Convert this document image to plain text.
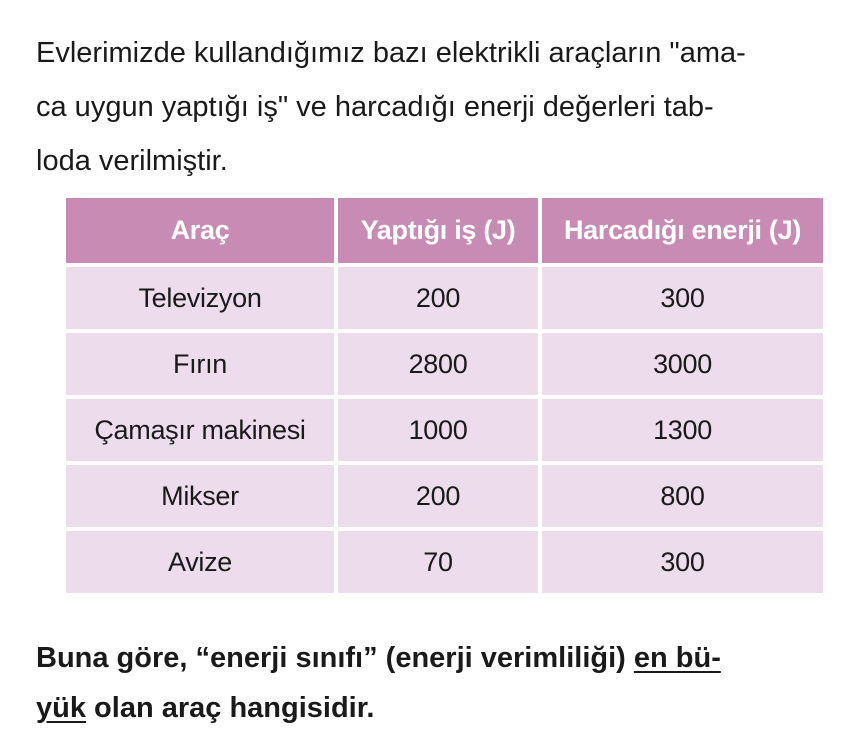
Evlerimizde kullandığımız bazı elektrikli araçların "ama-
ca uygun yaptığı iş" ve harcadığı enerji değerleri tab-
loda verilmiştir.

Araç	Yaptığı iş (J)	Harcadığı enerji (J)
Televizyon	200	300
Fırın	2800	3000
Çamaşır makinesi	1000	1300
Mikser	200	800
Avize	70	300

Buna göre, “enerji sınıfı” (enerji verimliliği) en bü-
yük olan araç hangisidir.
